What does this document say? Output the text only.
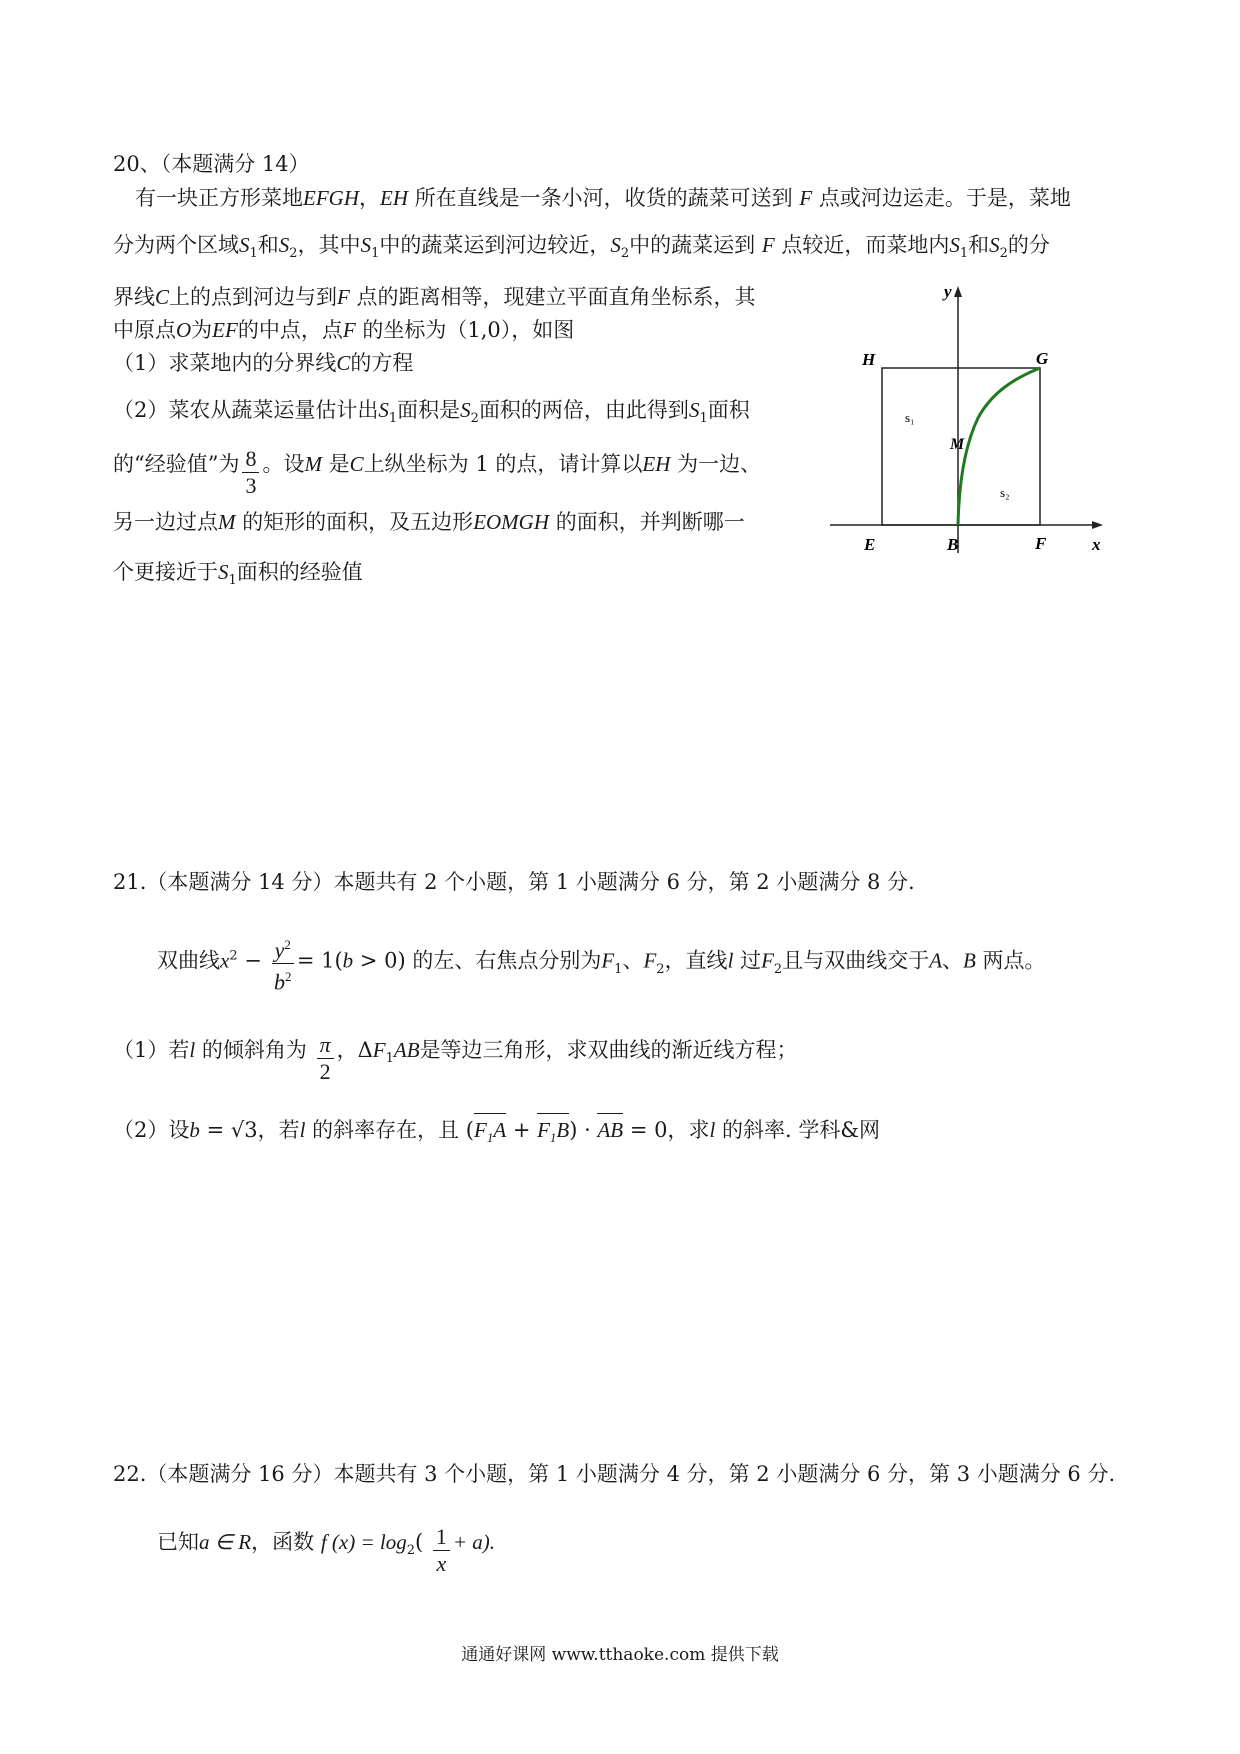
20、（本题满分 14）
有一块正方形菜地EFGH，EH 所在直线是一条小河，收货的蔬菜可送到 F 点或河边运走。于是，菜地
分为两个区域$S_1$和$S_2$，其中$S_1$中的蔬菜运到河边较近，$S_2$中的蔬菜运到 F 点较近，而菜地内$S_1$和$S_2$的分
界线C上的点到河边与到F 点的距离相等，现建立平面直角坐标系，其
中原点O为EF的中点，点F 的坐标为（1,0），如图
（1）求菜地内的分界线C的方程
（2）菜农从蔬菜运量估计出$S_1$面积是$S_2$面积的两倍，由此得到$S_1$面积
的“经验值”为 $\frac{8}{3}$ 。设M 是C上纵坐标为 1 的点，请计算以EH 为一边、
另一边过点M 的矩形的面积，及五边形EOMGH 的面积，并判断哪一
个更接近于$S_1$面积的经验值
y
x
H	G
E	B	F
M
s₁
s₂
21.（本题满分 14 分）本题共有 2 个小题，第 1 小题满分 6 分，第 2 小题满分 8 分.
双曲线$x^2 - \frac{y^2}{b^2} = 1(b > 0)$ 的左、右焦点分别为$F_1$、$F_2$，直线l 过$F_2$且与双曲线交于A、B 两点。
（1）若l 的倾斜角为 $\frac{\pi}{2}$ ，$\Delta F_1AB$是等边三角形，求双曲线的渐近线方程；
（2）设b = √3，若l 的斜率存在，且 $(F_1A + F_1B)$ · AB = 0，求l 的斜率. 学科&网
22.（本题满分 16 分）本题共有 3 个小题，第 1 小题满分 4 分，第 2 小题满分 6 分，第 3 小题满分 6 分.
已知a ∈ R，函数 f $(x) = \log_2( \frac{1}{x} + a)$.
通通好课网 www.tthaoke.com 提供下载
